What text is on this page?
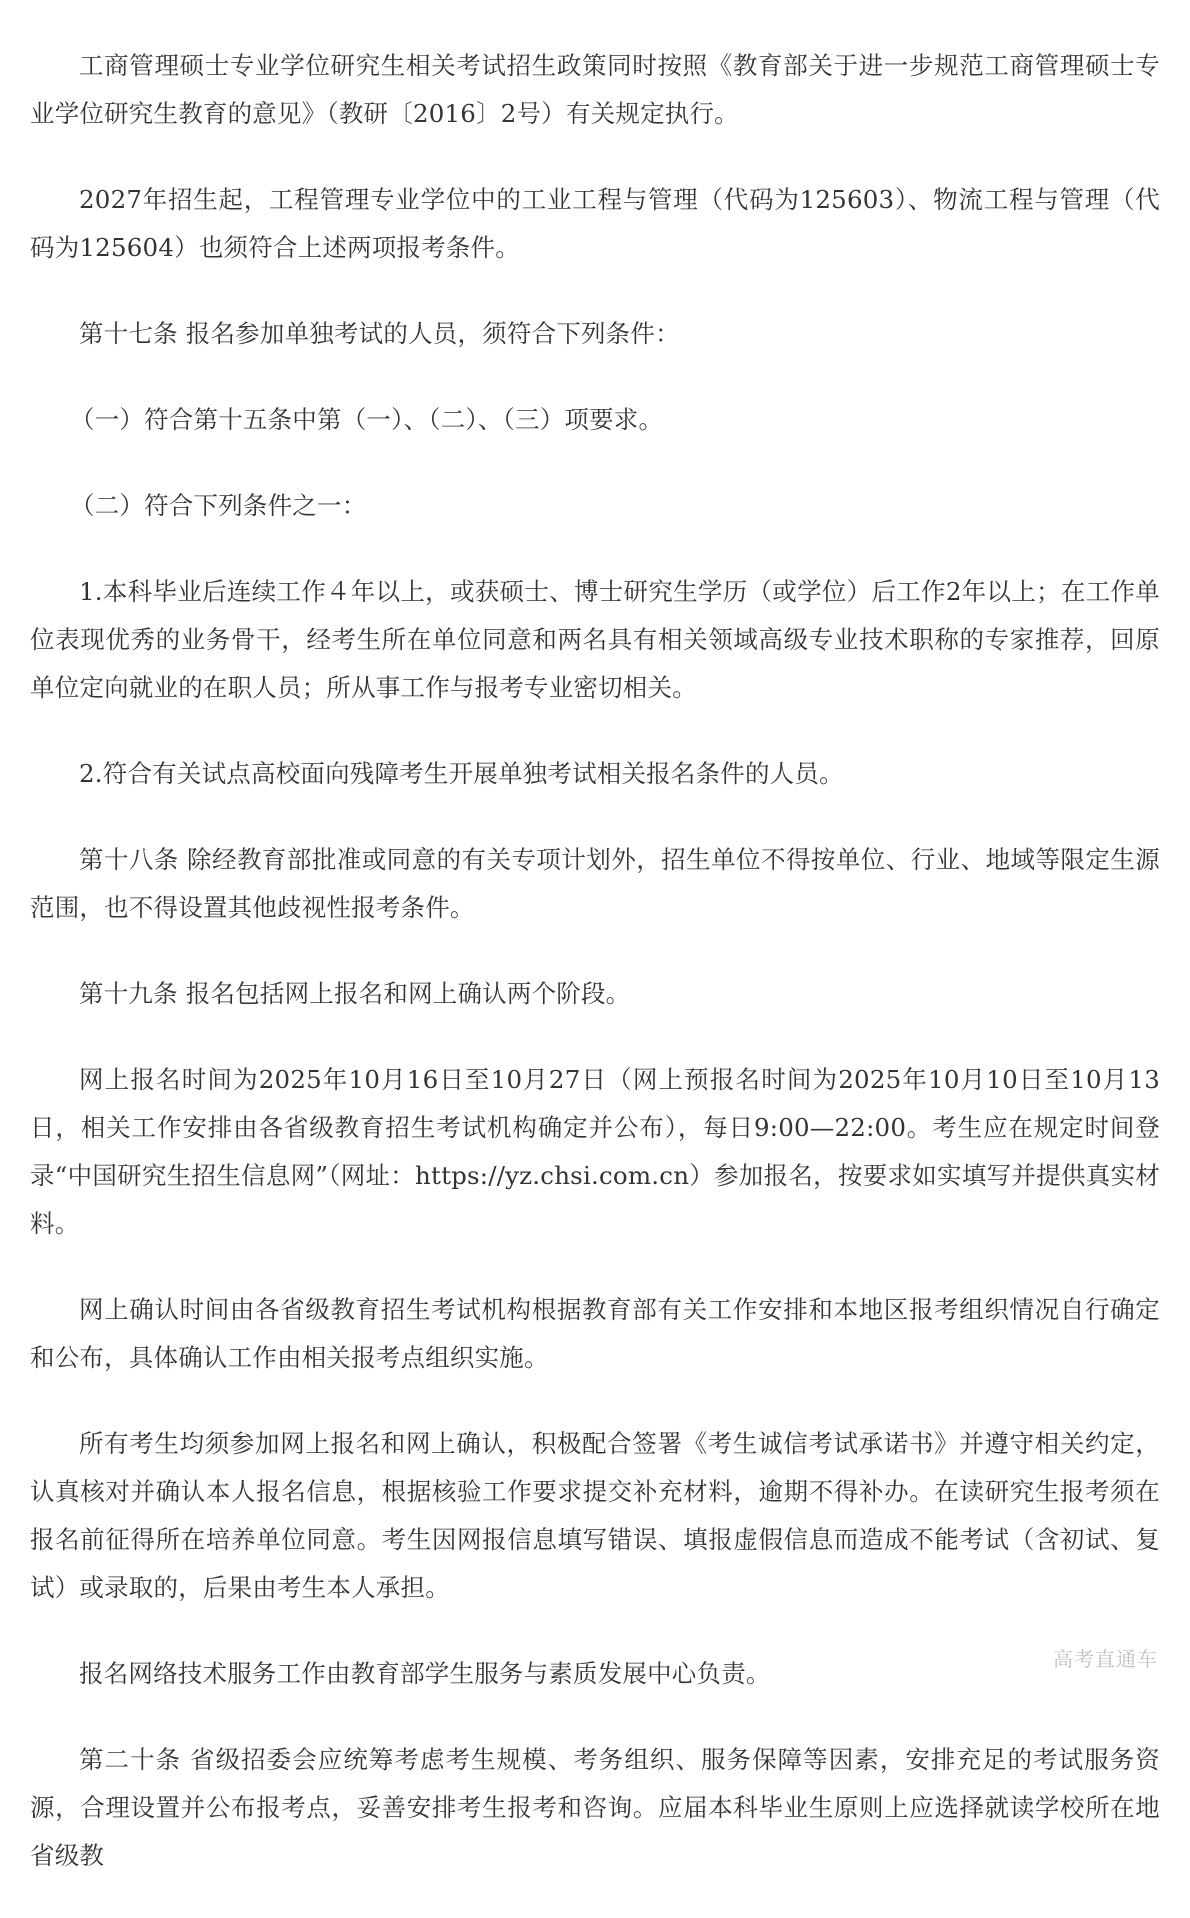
工商管理硕士专业学位研究生相关考试招生政策同时按照《教育部关于进一步规范工商管理硕士专业学位研究生教育的意见》（教研〔2016〕2号）有关规定执行。

2027年招生起，工程管理专业学位中的工业工程与管理（代码为125603）、物流工程与管理（代码为125604）也须符合上述两项报考条件。

第十七条 报名参加单独考试的人员，须符合下列条件：

（一）符合第十五条中第（一）、（二）、（三）项要求。

（二）符合下列条件之一：

1.本科毕业后连续工作４年以上，或获硕士、博士研究生学历（或学位）后工作2年以上；在工作单位表现优秀的业务骨干，经考生所在单位同意和两名具有相关领域高级专业技术职称的专家推荐，回原单位定向就业的在职人员；所从事工作与报考专业密切相关。

2.符合有关试点高校面向残障考生开展单独考试相关报名条件的人员。

第十八条 除经教育部批准或同意的有关专项计划外，招生单位不得按单位、行业、地域等限定生源范围，也不得设置其他歧视性报考条件。

第十九条 报名包括网上报名和网上确认两个阶段。

网上报名时间为2025年10月16日至10月27日（网上预报名时间为2025年10月10日至10月13日，相关工作安排由各省级教育招生考试机构确定并公布），每日9:00—22:00。考生应在规定时间登录“中国研究生招生信息网”（网址：https://yz.chsi.com.cn）参加报名，按要求如实填写并提供真实材料。

网上确认时间由各省级教育招生考试机构根据教育部有关工作安排和本地区报考组织情况自行确定和公布，具体确认工作由相关报考点组织实施。

所有考生均须参加网上报名和网上确认，积极配合签署《考生诚信考试承诺书》并遵守相关约定，认真核对并确认本人报名信息，根据核验工作要求提交补充材料，逾期不得补办。在读研究生报考须在报名前征得所在培养单位同意。考生因网报信息填写错误、填报虚假信息而造成不能考试（含初试、复试）或录取的，后果由考生本人承担。

报名网络技术服务工作由教育部学生服务与素质发展中心负责。

第二十条 省级招委会应统筹考虑考生规模、考务组织、服务保障等因素，安排充足的考试服务资源，合理设置并公布报考点，妥善安排考生报考和咨询。应届本科毕业生原则上应选择就读学校所在地省级教

高考直通车
